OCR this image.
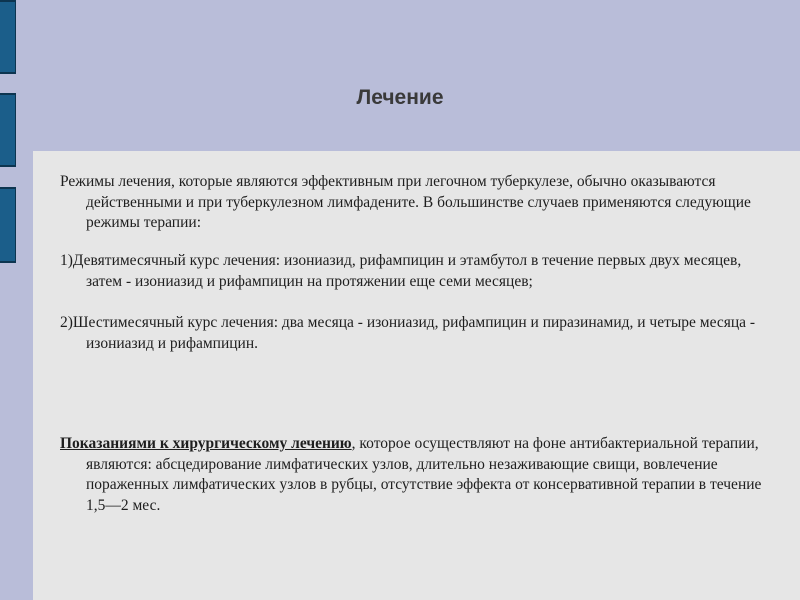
Лечение

Режимы лечения, которые являются эффективным при легочном туберкулезе, обычно оказываются действенными и при туберкулезном лимфадените. В большинстве случаев применяются следующие режимы терапии:

1)Девятимесячный курс лечения: изониазид, рифампицин и этамбутол в течение первых двух месяцев, затем - изониазид и рифампицин на протяжении еще семи месяцев;

2)Шестимесячный курс лечения: два месяца - изониазид, рифампицин и пиразинамид, и четыре месяца - изониазид и рифампицин.

Показаниями к хирургическому лечению, которое осуществляют на фоне антибактериальной терапии, являются: абсцедирование лимфатических узлов, длительно незаживающие свищи, вовлечение пораженных лимфатических узлов в рубцы, отсутствие эффекта от консервативной терапии в течение 1,5—2 мес.
